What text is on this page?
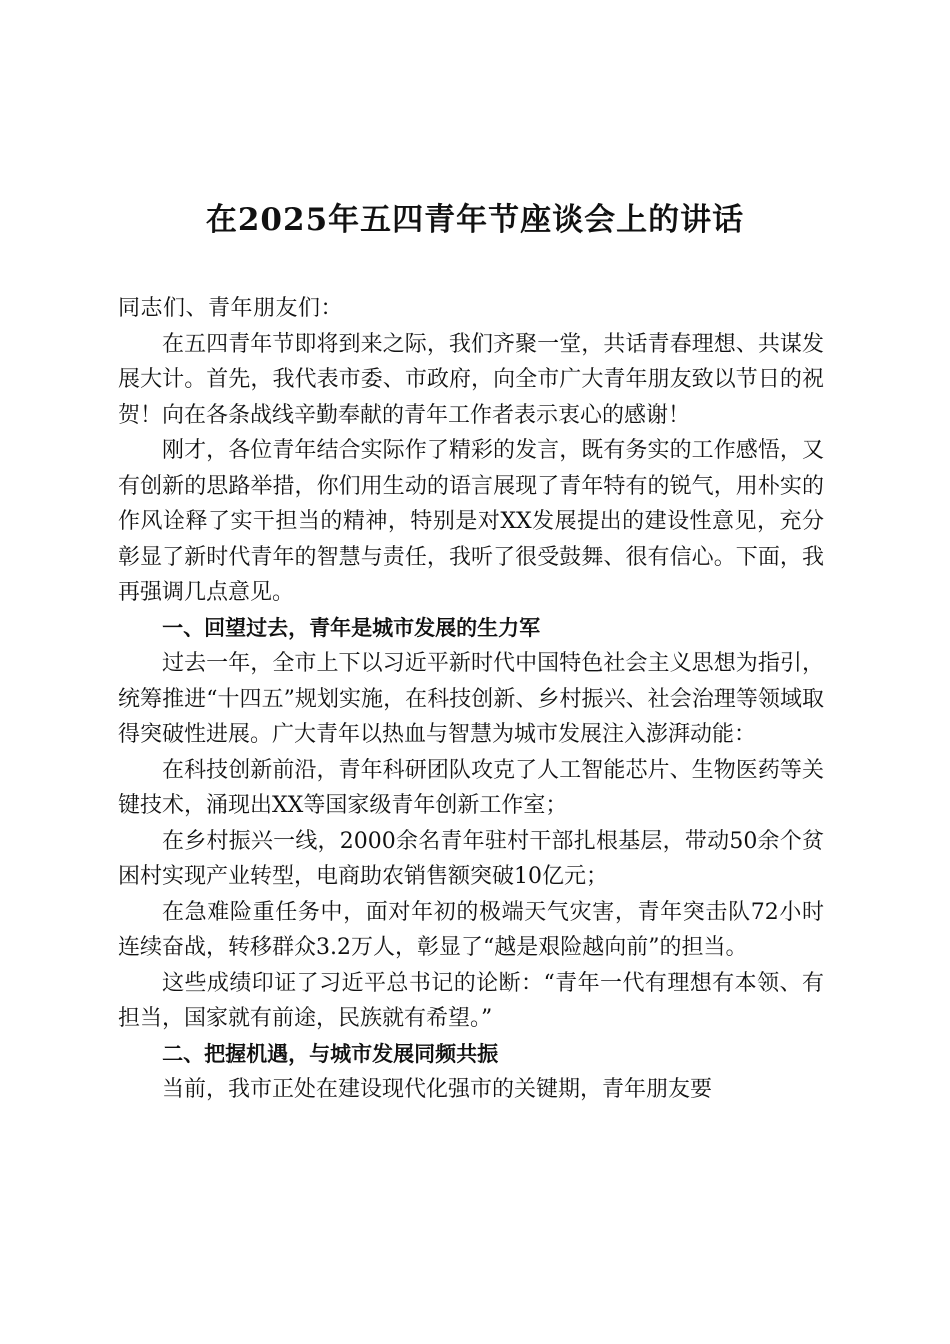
在2025年五四青年节座谈会上的讲话

同志们、青年朋友们：

在五四青年节即将到来之际，我们齐聚一堂，共话青春理想、共谋发展大计。首先，我代表市委、市政府，向全市广大青年朋友致以节日的祝贺！向在各条战线辛勤奉献的青年工作者表示衷心的感谢！

刚才，各位青年结合实际作了精彩的发言，既有务实的工作感悟，又有创新的思路举措，你们用生动的语言展现了青年特有的锐气，用朴实的作风诠释了实干担当的精神，特别是对XX发展提出的建设性意见，充分彰显了新时代青年的智慧与责任，我听了很受鼓舞、很有信心。下面，我再强调几点意见。

一、回望过去，青年是城市发展的生力军

过去一年，全市上下以习近平新时代中国特色社会主义思想为指引，统筹推进“十四五”规划实施，在科技创新、乡村振兴、社会治理等领域取得突破性进展。广大青年以热血与智慧为城市发展注入澎湃动能：

在科技创新前沿，青年科研团队攻克了人工智能芯片、生物医药等关键技术，涌现出XX等国家级青年创新工作室；

在乡村振兴一线，2000余名青年驻村干部扎根基层，带动50余个贫困村实现产业转型，电商助农销售额突破10亿元；

在急难险重任务中，面对年初的极端天气灾害，青年突击队72小时连续奋战，转移群众3.2万人，彰显了“越是艰险越向前”的担当。

这些成绩印证了习近平总书记的论断：“青年一代有理想有本领、有担当，国家就有前途，民族就有希望。”

二、把握机遇，与城市发展同频共振

当前，我市正处在建设现代化强市的关键期，青年朋友要
